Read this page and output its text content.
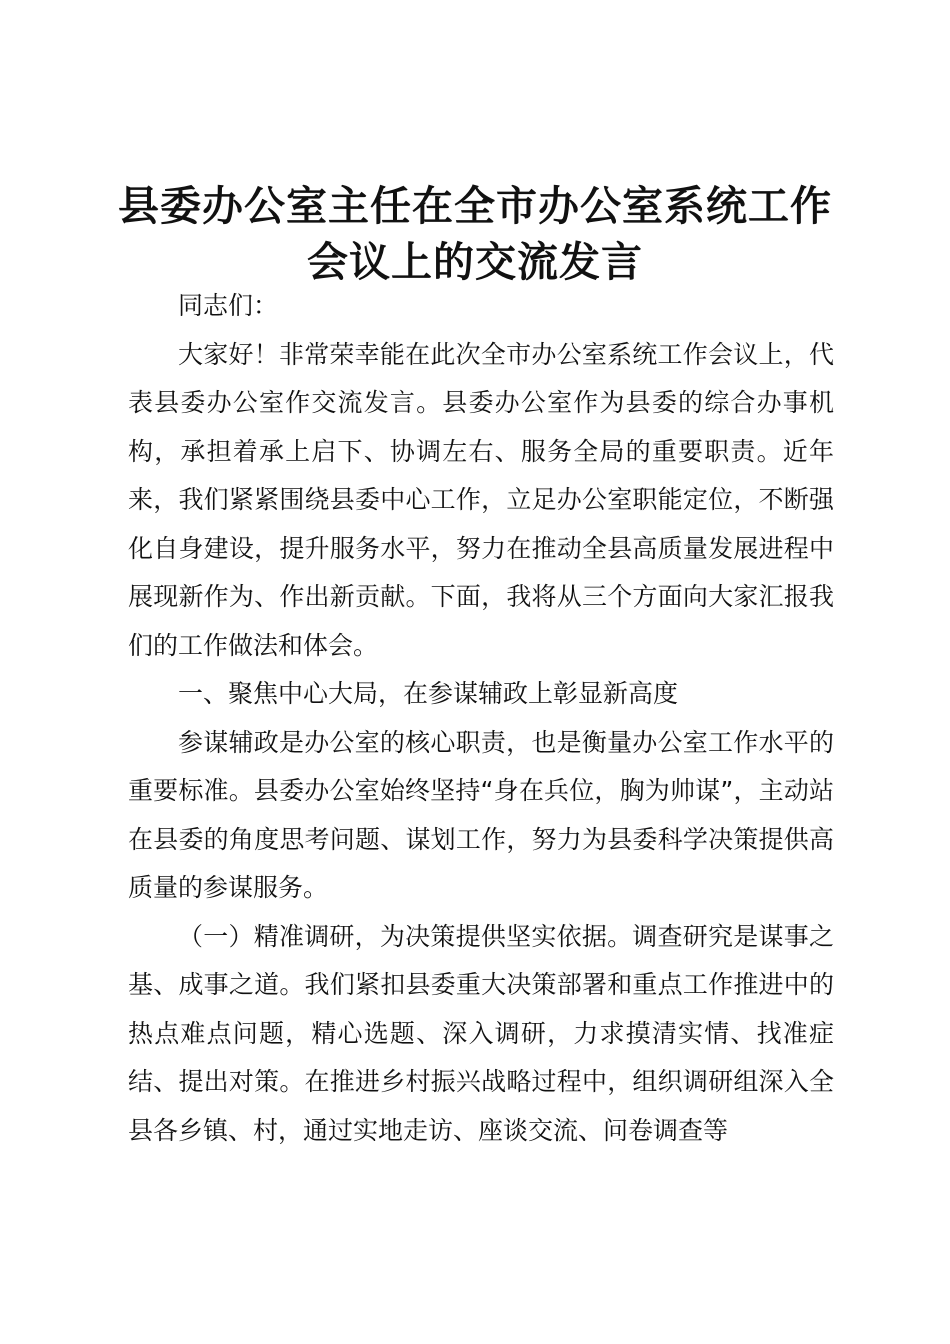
县委办公室主任在全市办公室系统工作
会议上的交流发言

同志们：

大家好！非常荣幸能在此次全市办公室系统工作会议上，代表县委办公室作交流发言。县委办公室作为县委的综合办事机构，承担着承上启下、协调左右、服务全局的重要职责。近年来，我们紧紧围绕县委中心工作，立足办公室职能定位，不断强化自身建设，提升服务水平，努力在推动全县高质量发展进程中展现新作为、作出新贡献。下面，我将从三个方面向大家汇报我们的工作做法和体会。

一、聚焦中心大局，在参谋辅政上彰显新高度

参谋辅政是办公室的核心职责，也是衡量办公室工作水平的重要标准。县委办公室始终坚持“身在兵位，胸为帅谋”，主动站在县委的角度思考问题、谋划工作，努力为县委科学决策提供高质量的参谋服务。

（一）精准调研，为决策提供坚实依据。调查研究是谋事之基、成事之道。我们紧扣县委重大决策部署和重点工作推进中的热点难点问题，精心选题、深入调研，力求摸清实情、找准症结、提出对策。在推进乡村振兴战略过程中，组织调研组深入全县各乡镇、村，通过实地走访、座谈交流、问卷调查等
